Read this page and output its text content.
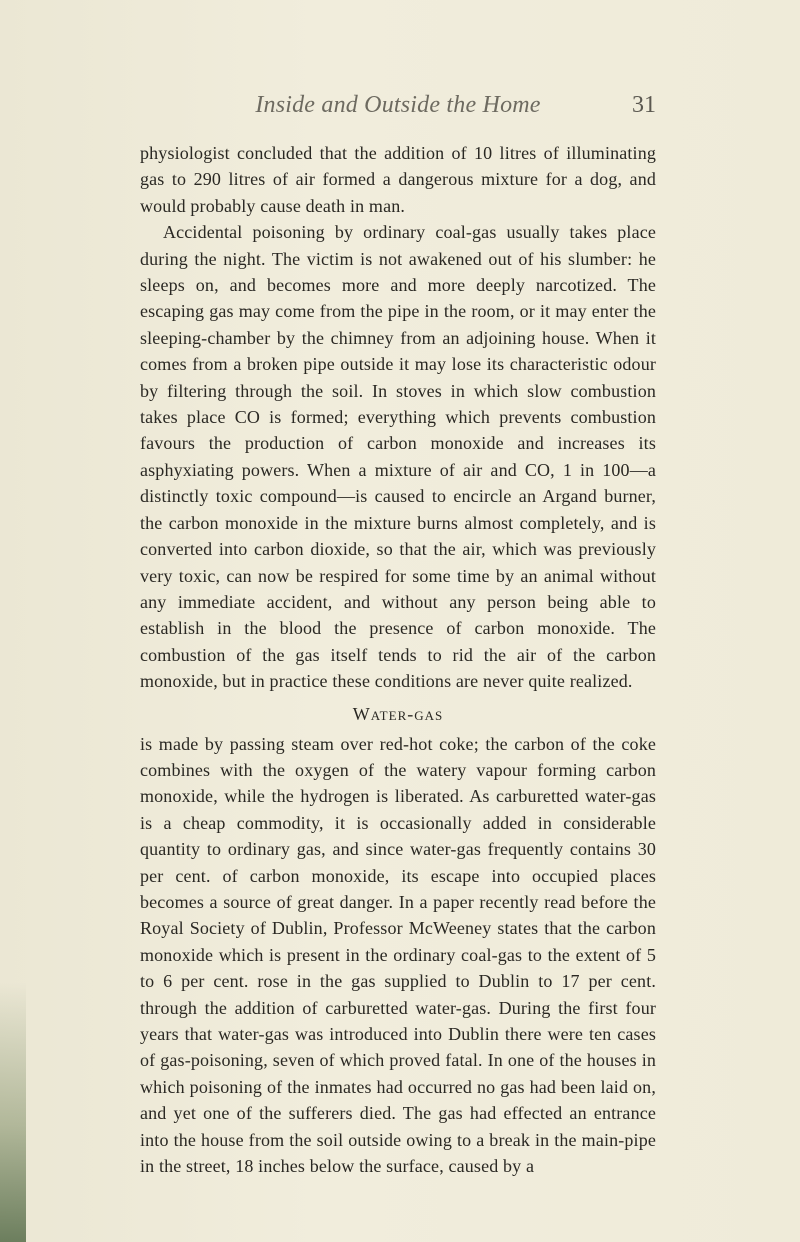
Inside and Outside the Home	31

physiologist concluded that the addition of 10 litres of illuminating gas to 290 litres of air formed a dangerous mixture for a dog, and would probably cause death in man.

Accidental poisoning by ordinary coal-gas usually takes place during the night. The victim is not awakened out of his slumber: he sleeps on, and becomes more and more deeply narcotized. The escaping gas may come from the pipe in the room, or it may enter the sleeping-chamber by the chimney from an adjoining house. When it comes from a broken pipe outside it may lose its characteristic odour by filtering through the soil. In stoves in which slow combustion takes place CO is formed; everything which prevents combustion favours the production of carbon monoxide and increases its asphyxiating powers. When a mixture of air and CO, 1 in 100—a distinctly toxic compound—is caused to encircle an Argand burner, the carbon monoxide in the mixture burns almost completely, and is converted into carbon dioxide, so that the air, which was previously very toxic, can now be respired for some time by an animal without any immediate accident, and without any person being able to establish in the blood the presence of carbon monoxide. The combustion of the gas itself tends to rid the air of the carbon monoxide, but in practice these conditions are never quite realized.

Water-gas

is made by passing steam over red-hot coke; the carbon of the coke combines with the oxygen of the watery vapour forming carbon monoxide, while the hydrogen is liberated. As carburetted water-gas is a cheap commodity, it is occasionally added in considerable quantity to ordinary gas, and since water-gas frequently contains 30 per cent. of carbon monoxide, its escape into occupied places becomes a source of great danger. In a paper recently read before the Royal Society of Dublin, Professor McWeeney states that the carbon monoxide which is present in the ordinary coal-gas to the extent of 5 to 6 per cent. rose in the gas supplied to Dublin to 17 per cent. through the addition of carburetted water-gas. During the first four years that water-gas was introduced into Dublin there were ten cases of gas-poisoning, seven of which proved fatal. In one of the houses in which poisoning of the inmates had occurred no gas had been laid on, and yet one of the sufferers died. The gas had effected an entrance into the house from the soil outside owing to a break in the main-pipe in the street, 18 inches below the surface, caused by a
